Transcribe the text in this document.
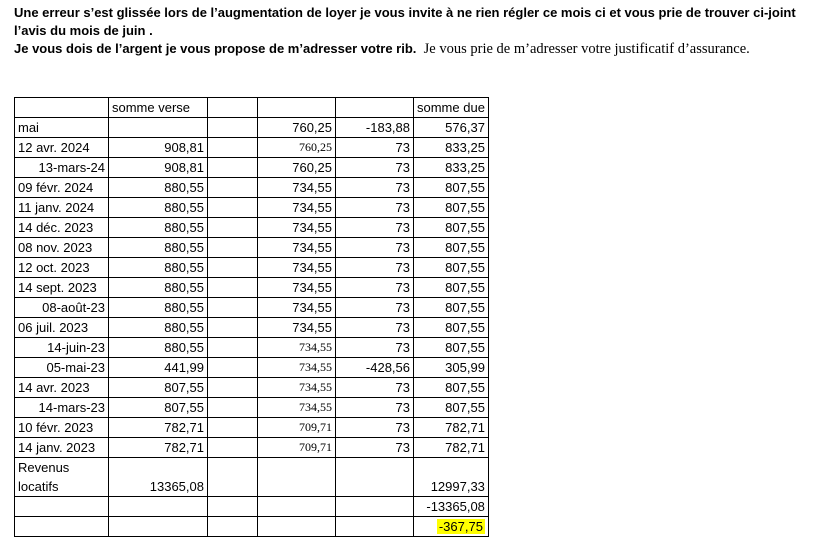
Une erreur s’est glissée lors de l’augmentation de loyer je vous invite à ne rien régler ce mois ci et vous prie de trouver ci-joint l’avis du mois de juin .
Je vous dois de l’argent je vous propose de m’adresser votre rib. Je vous prie de m’adresser votre justificatif d’assurance.
	somme verse				somme due
mai			760,25	-183,88	576,37
12 avr. 2024	908,81		760,25	73	833,25
13-mars-24	908,81		760,25	73	833,25
09 févr. 2024	880,55		734,55	73	807,55
11 janv. 2024	880,55		734,55	73	807,55
14 déc. 2023	880,55		734,55	73	807,55
08 nov. 2023	880,55		734,55	73	807,55
12 oct. 2023	880,55		734,55	73	807,55
14 sept. 2023	880,55		734,55	73	807,55
08-août-23	880,55		734,55	73	807,55
06 juil. 2023	880,55		734,55	73	807,55
14-juin-23	880,55		734,55	73	807,55
05-mai-23	441,99		734,55	-428,56	305,99
14 avr. 2023	807,55		734,55	73	807,55
14-mars-23	807,55		734,55	73	807,55
10 févr. 2023	782,71		709,71	73	782,71
14 janv. 2023	782,71		709,71	73	782,71
Revenus
locatifs	13365,08				12997,33
					-13365,08
					-367,75
